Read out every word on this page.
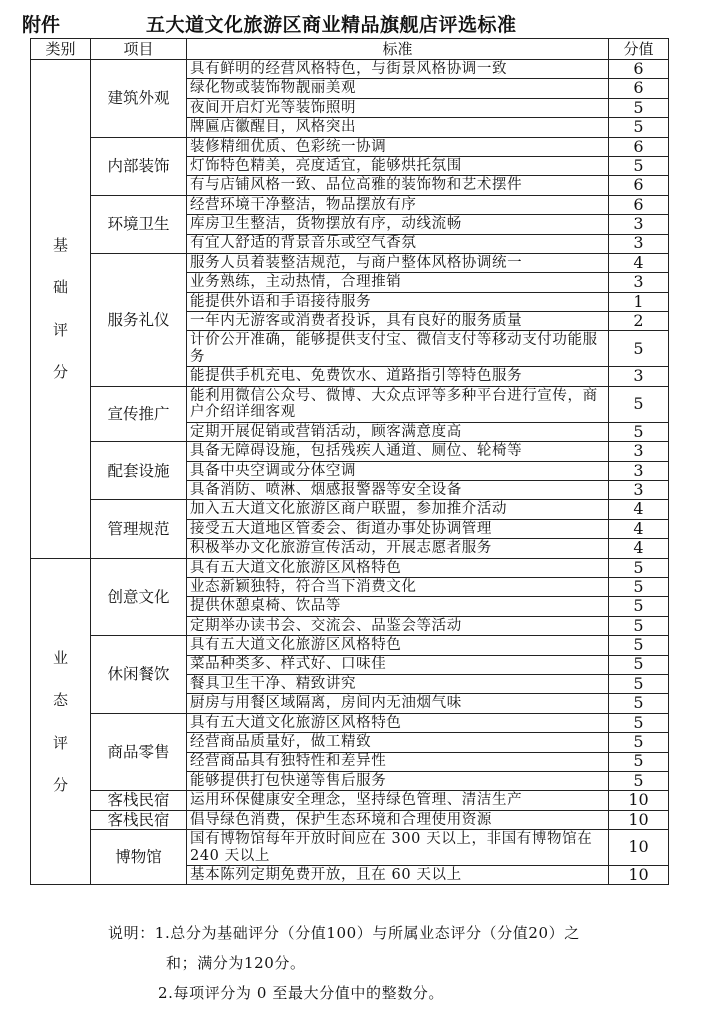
附件	五大道文化旅游区商业精品旗舰店评选标准
类别	项目	标准	分值

基
础
评
分	建筑外观	具有鲜明的经营风格特色，与街景风格协调一致	6
		绿化物或装饰物靓丽美观	6
		夜间开启灯光等装饰照明	5
		牌匾店徽醒目，风格突出	5
	内部装饰	装修精细优质、色彩统一协调	6
		灯饰特色精美，亮度适宜，能够烘托氛围	5
		有与店铺风格一致、品位高雅的装饰物和艺术摆件	6
	环境卫生	经营环境干净整洁，物品摆放有序	6
		库房卫生整洁，货物摆放有序，动线流畅	3
		有宜人舒适的背景音乐或空气香氛	3
	服务礼仪	服务人员着装整洁规范，与商户整体风格协调统一	4
		业务熟练，主动热情，合理推销	3
		能提供外语和手语接待服务	1
		一年内无游客或消费者投诉，具有良好的服务质量	2
		计价公开准确，能够提供支付宝、微信支付等移动支付功能服务	5
		能提供手机充电、免费饮水、道路指引等特色服务	3
	宣传推广	能利用微信公众号、微博、大众点评等多种平台进行宣传，商户介绍详细客观	5
		定期开展促销或营销活动，顾客满意度高	5
	配套设施	具备无障碍设施，包括残疾人通道、厕位、轮椅等	3
		具备中央空调或分体空调	3
		具备消防、喷淋、烟感报警器等安全设备	3
	管理规范	加入五大道文化旅游区商户联盟，参加推介活动	4
		接受五大道地区管委会、街道办事处协调管理	4
		积极举办文化旅游宣传活动，开展志愿者服务	4

业
态
评
分	创意文化	具有五大道文化旅游区风格特色	5
		业态新颖独特，符合当下消费文化	5
		提供休憩桌椅、饮品等	5
		定期举办读书会、交流会、品鉴会等活动	5
	休闲餐饮	具有五大道文化旅游区风格特色	5
		菜品种类多、样式好、口味佳	5
		餐具卫生干净、精致讲究	5
		厨房与用餐区域隔离，房间内无油烟气味	5
	商品零售	具有五大道文化旅游区风格特色	5
		经营商品质量好，做工精致	5
		经营商品具有独特性和差异性	5
		能够提供打包快递等售后服务	5
	客栈民宿	运用环保健康安全理念，坚持绿色管理、清洁生产	10
	客栈民宿	倡导绿色消费，保护生态环境和合理使用资源	10
	博物馆	国有博物馆每年开放时间应在 300 天以上，非国有博物馆在 240 天以上	10
		基本陈列定期免费开放，且在 60 天以上	10
说明：1.总分为基础评分（分值100）与所属业态评分（分值20）之
和；满分为120分。
2.每项评分为 0 至最大分值中的整数分。
